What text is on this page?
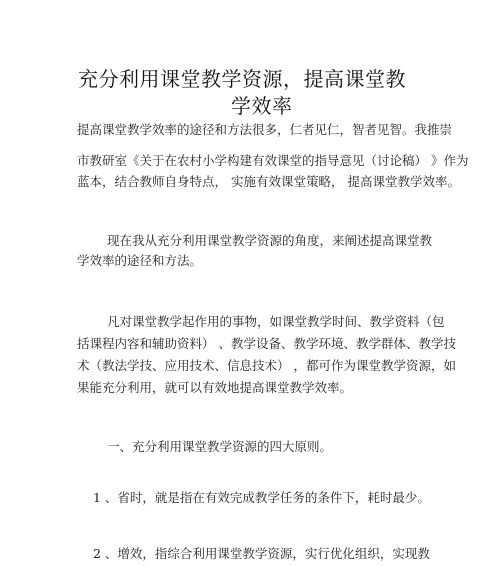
充分利用课堂教学资源，提高课堂教
学效率
提高课堂教学效率的途径和方法很多，仁者见仁，智者见智。我推崇
市教研室《关于在农村小学构建有效课堂的指导意见（讨论稿） 》作为
蓝本，结合教师自身特点， 实施有效课堂策略， 提高课堂教学效率。
现在我从充分利用课堂教学资源的角度，来阐述提高课堂教
学效率的途径和方法。
凡对课堂教学起作用的事物，如课堂教学时间、教学资料（包
括课程内容和辅助资料） 、教学设备、教学环境、教学群体、教学技
术（教法学技、应用技术、信息技术） ，都可作为课堂教学资源，如
果能充分利用，就可以有效地提高课堂教学效率。
一、充分利用课堂教学资源的四大原则。
1 、省时，就是指在有效完成教学任务的条件下，耗时最少。
2 、增效，指综合利用课堂教学资源，实行优化组织，实现教
